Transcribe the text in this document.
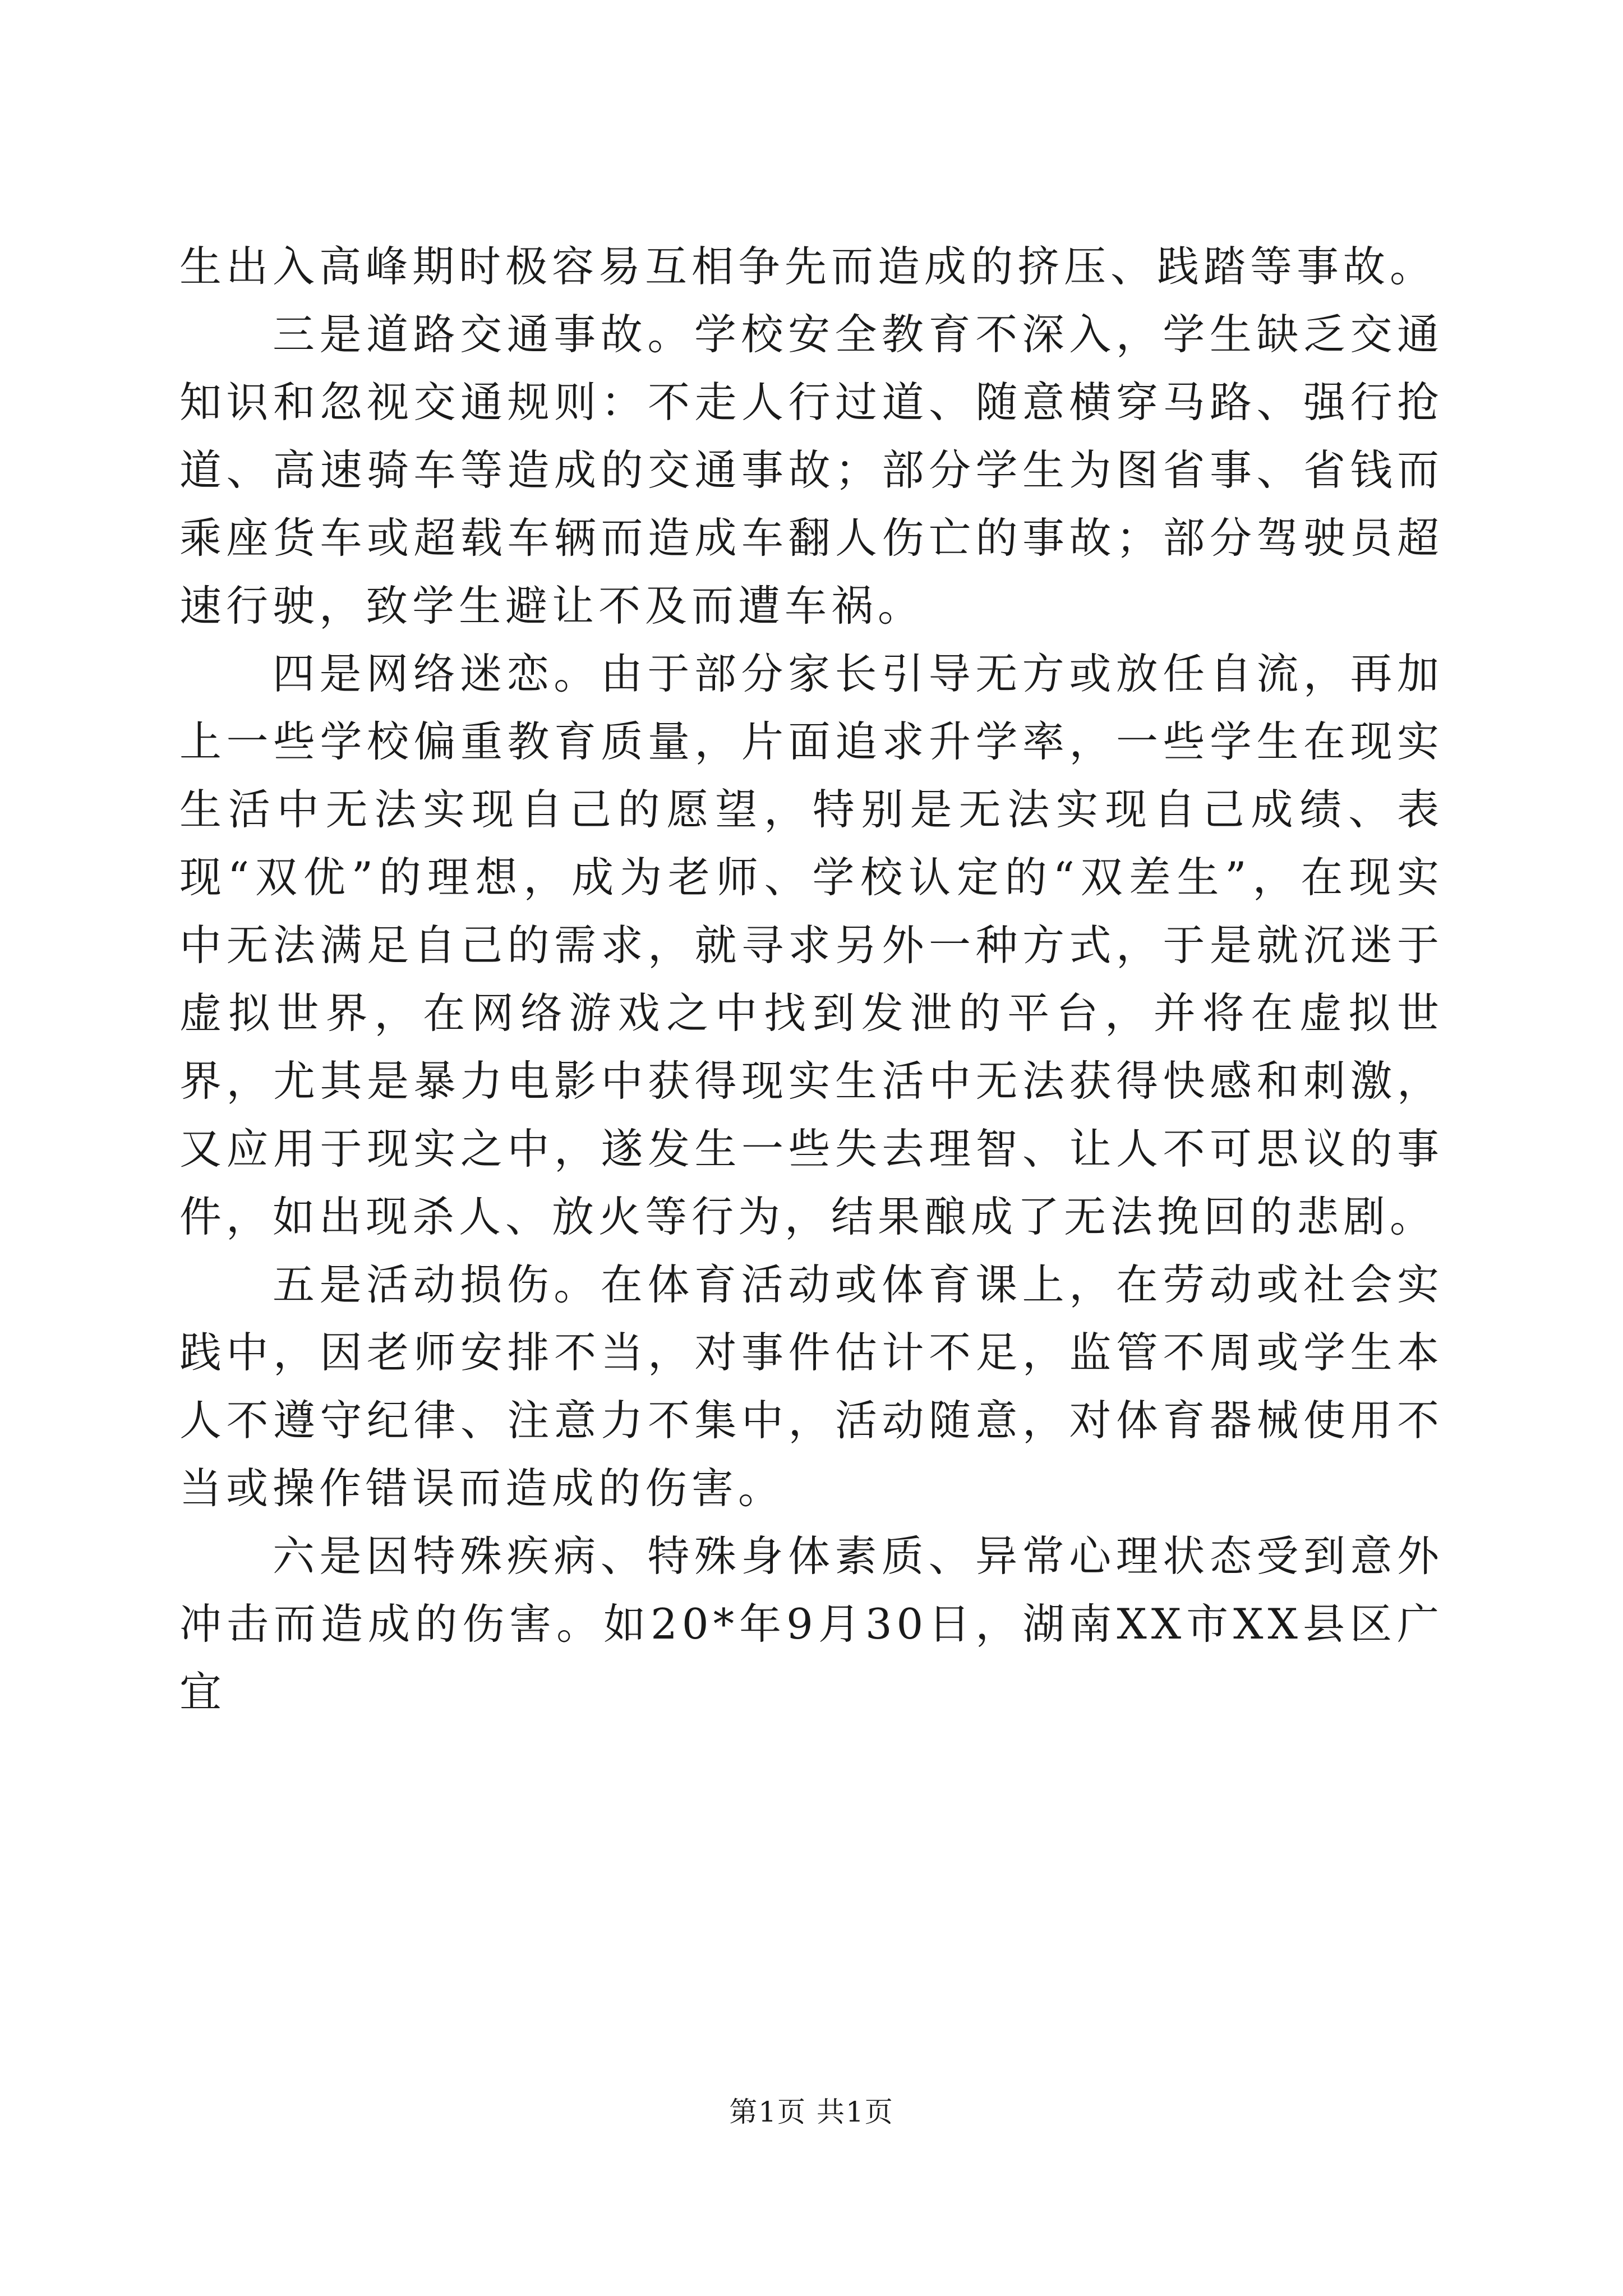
生出入高峰期时极容易互相争先而造成的挤压、践踏等事故。

三是道路交通事故。学校安全教育不深入，学生缺乏交通知识和忽视交通规则：不走人行过道、随意横穿马路、强行抢道、高速骑车等造成的交通事故；部分学生为图省事、省钱而乘座货车或超载车辆而造成车翻人伤亡的事故；部分驾驶员超速行驶，致学生避让不及而遭车祸。

四是网络迷恋。由于部分家长引导无方或放任自流，再加上一些学校偏重教育质量，片面追求升学率，一些学生在现实生活中无法实现自己的愿望，特别是无法实现自己成绩、表现“双优”的理想，成为老师、学校认定的“双差生”，在现实中无法满足自己的需求，就寻求另外一种方式，于是就沉迷于虚拟世界，在网络游戏之中找到发泄的平台，并将在虚拟世界，尤其是暴力电影中获得现实生活中无法获得快感和刺激，又应用于现实之中，遂发生一些失去理智、让人不可思议的事件，如出现杀人、放火等行为，结果酿成了无法挽回的悲剧。

五是活动损伤。在体育活动或体育课上，在劳动或社会实践中，因老师安排不当，对事件估计不足，监管不周或学生本人不遵守纪律、注意力不集中，活动随意，对体育器械使用不当或操作错误而造成的伤害。

六是因特殊疾病、特殊身体素质、异常心理状态受到意外冲击而造成的伤害。如20*年9月30日，湖南XX市XX县区广宜

第1页 共1页
